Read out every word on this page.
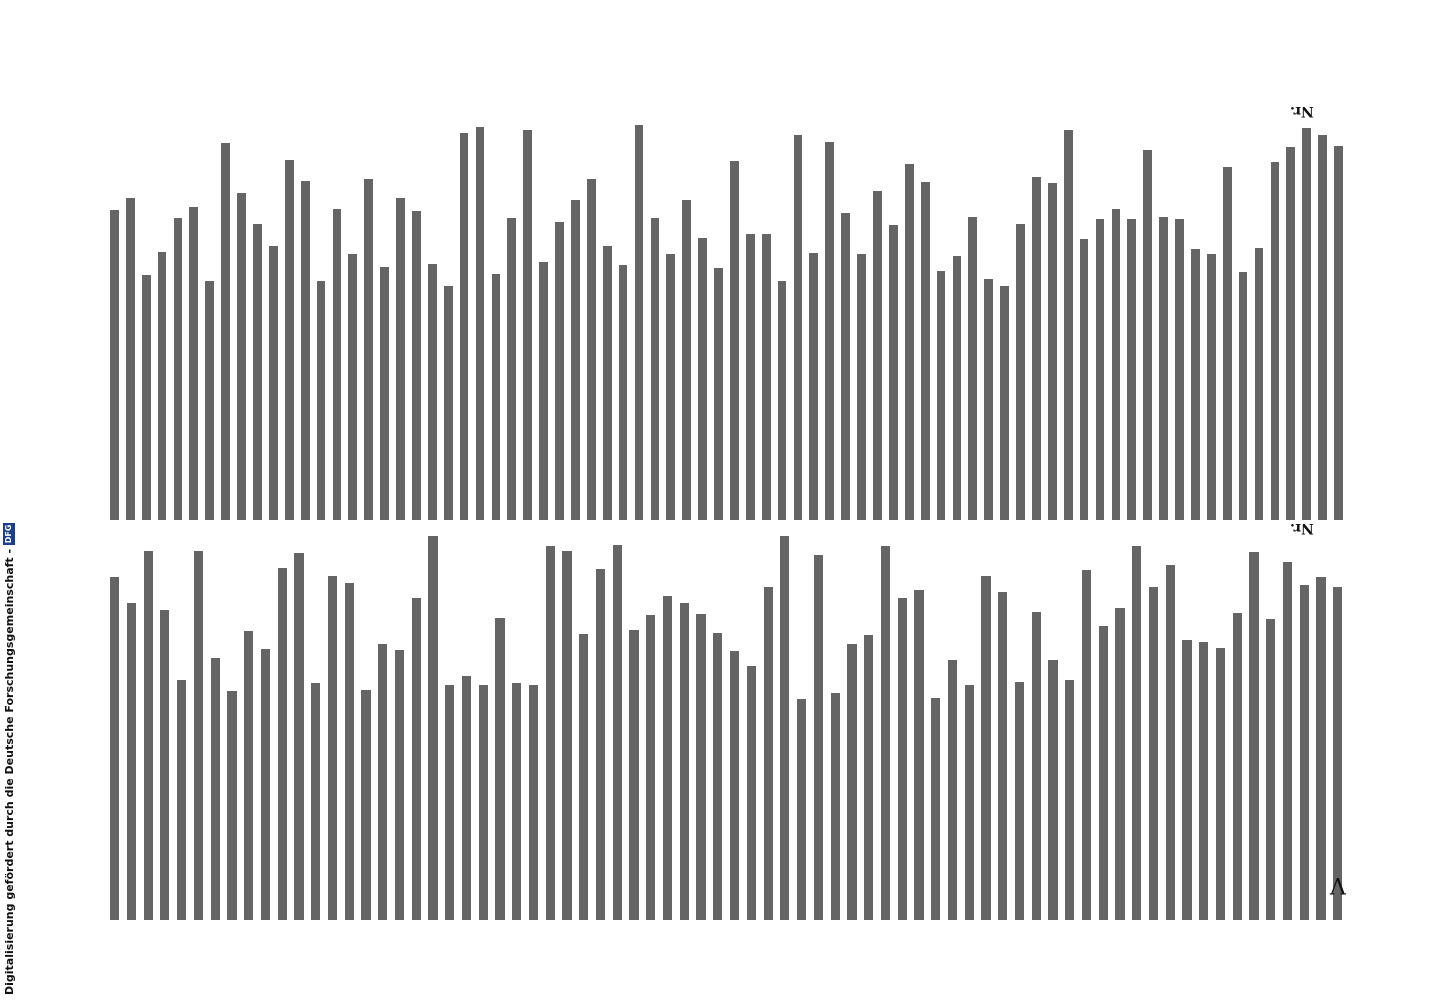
Nr.
Nr.
V
Digitalisierung gefördert durch die Deutsche Forschungsgemeinschaft -
DFG
